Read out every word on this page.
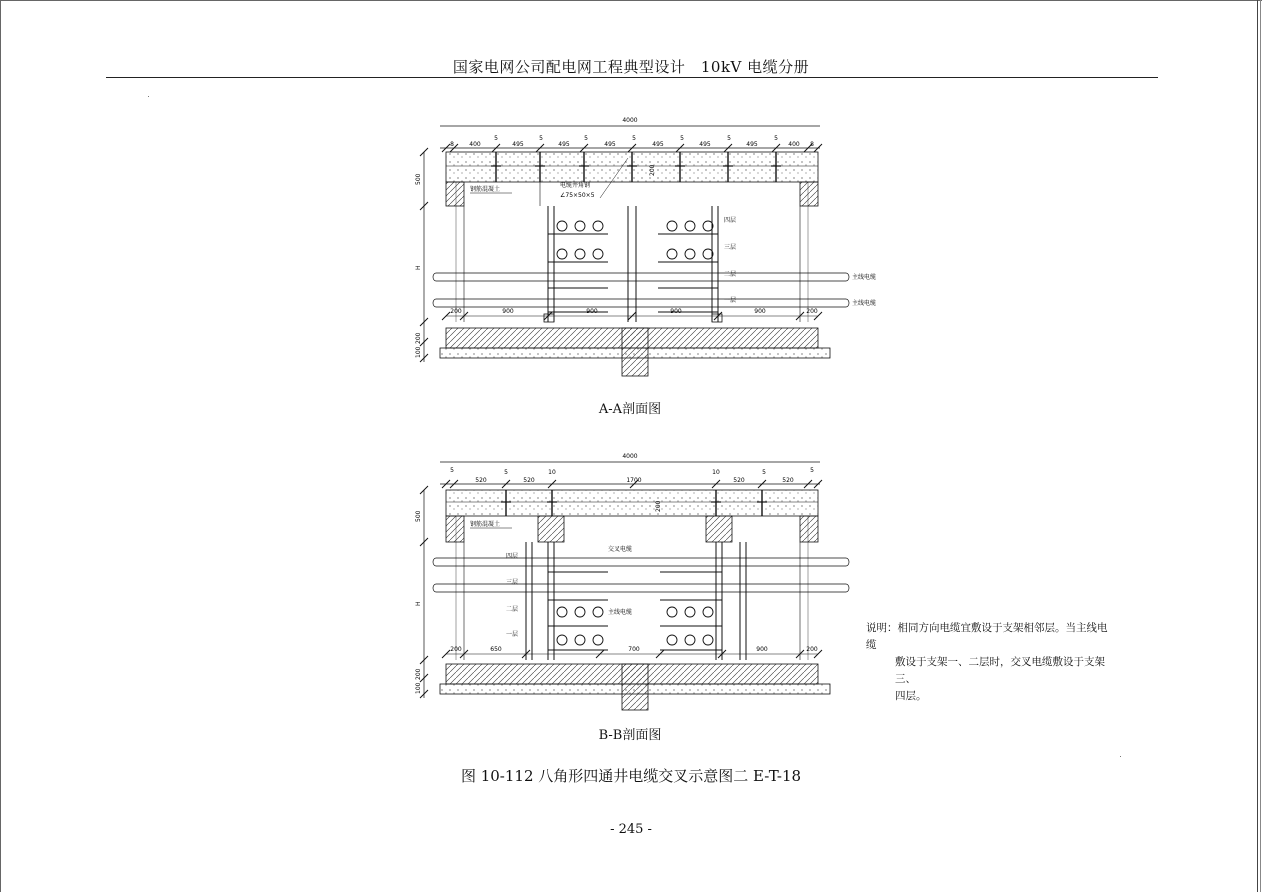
国家电网公司配电网工程典型设计　10kV 电缆分册
4000
8	400
5
495
5
495
5
495
5
495
5
495
5
495
5
400 8
钢筋混凝土
电缆井角钢
∠75×50×5
200
500
H
200
100
四层
三层
二层
一层
主线电缆
主线电缆
200	900	900	900	900	200
A-A剖面图
4000
5
520
5
520
10
1700
10
520
5
520
5
钢筋混凝土
200
500
H
200
100
四层
三层
二层
一层
交叉电缆
主线电缆
200	650	700	900	200
B-B剖面图
说明：相同方向电缆宜敷设于支架相邻层。当主线电缆
敷设于支架一、二层时，交叉电缆敷设于支架三、
四层。
图 10-112 八角形四通井电缆交叉示意图二 E-T-18
- 245 -
